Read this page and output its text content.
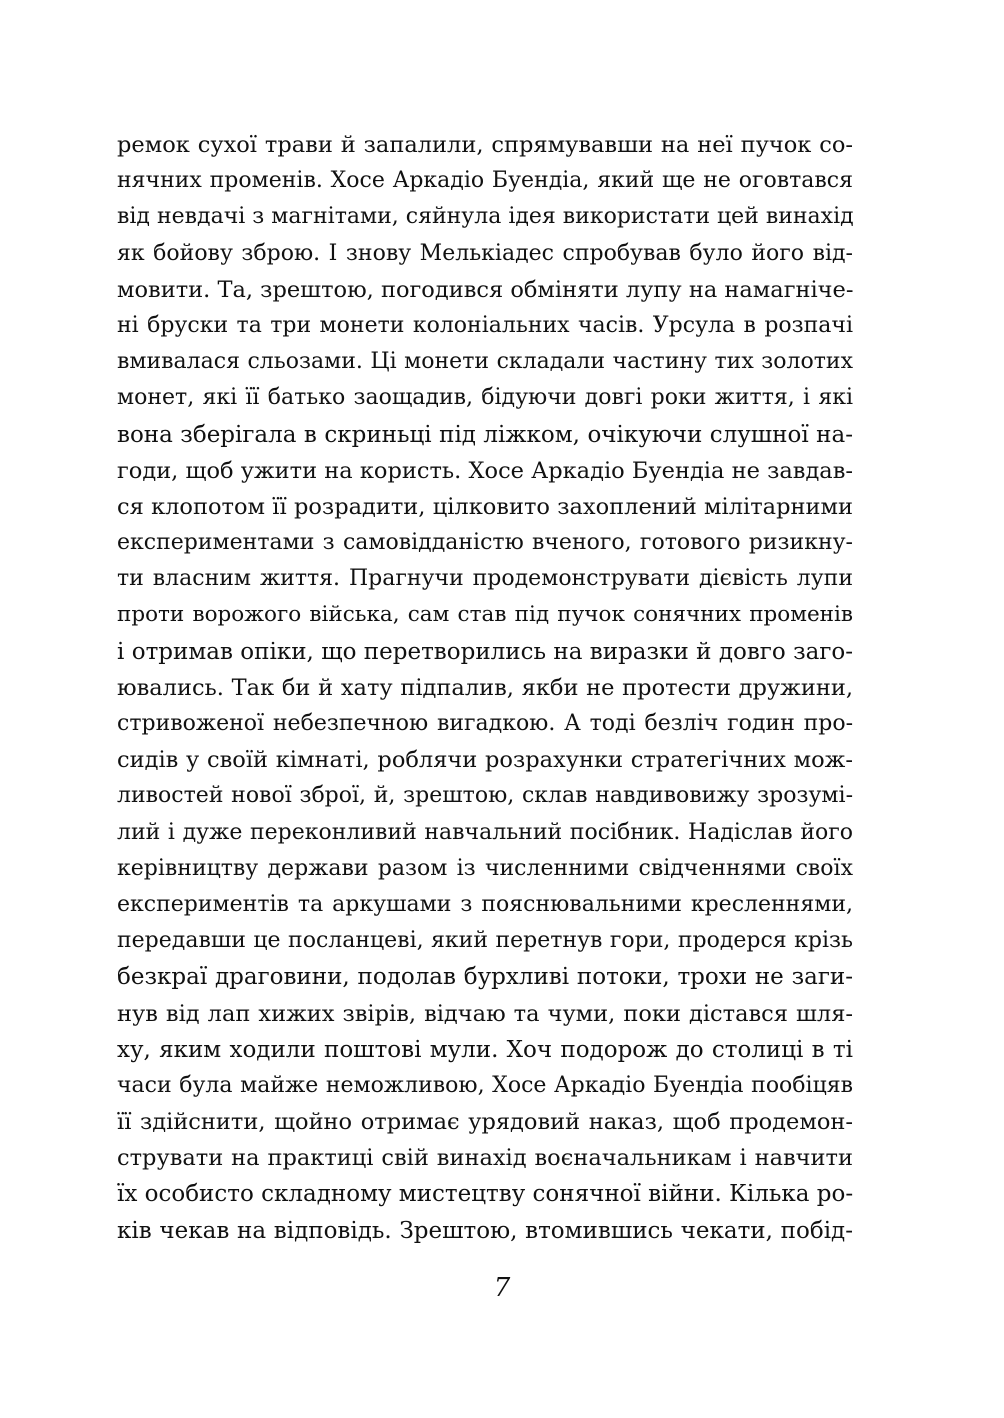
ремок сухої трави й запалили, спрямувавши на неї пучок со-
нячних променів. Хосе Аркадіо Буендіа, який ще не оговтався
від невдачі з магнітами, сяйнула ідея використати цей винахід
як бойову зброю. І знову Мелькіадес спробував було його від-
мовити. Та, зрештою, погодився обміняти лупу на намагніче-
ні бруски та три монети колоніальних часів. Урсула в розпачі
вмивалася сльозами. Ці монети складали частину тих золотих
монет, які її батько заощадив, бідуючи довгі роки життя, і які
вона зберігала в скриньці під ліжком, очікуючи слушної на-
годи, щоб ужити на користь. Хосе Аркадіо Буендіа не завдав-
ся клопотом її розрадити, цілковито захоплений мілітарними
експериментами з самовідданістю вченого, готового ризикну-
ти власним життя. Прагнучи продемонструвати дієвість лупи
проти ворожого війська, сам став під пучок сонячних променів
і отримав опіки, що перетворились на виразки й довго заго-
ювались. Так би й хату підпалив, якби не протести дружини,
стривоженої небезпечною вигадкою. А тоді безліч годин про-
сидів у своїй кімнаті, роблячи розрахунки стратегічних мож-
ливостей нової зброї, й, зрештою, склав навдивовижу зрозумі-
лий і дуже переконливий навчальний посібник. Надіслав його
керівництву держави разом із численними свідченнями своїх
експериментів та аркушами з пояснювальними кресленнями,
передавши це посланцеві, який перетнув гори, продерся крізь
безкраї драговини, подолав бурхливі потоки, трохи не заги-
нув від лап хижих звірів, відчаю та чуми, поки дістався шля-
ху, яким ходили поштові мули. Хоч подорож до столиці в ті
часи була майже неможливою, Хосе Аркадіо Буендіа пообіцяв
її здійснити, щойно отримає урядовий наказ, щоб продемон-
струвати на практиці свій винахід воєначальникам і навчити
їх особисто складному мистецтву сонячної війни. Кілька ро-
ків чекав на відповідь. Зрештою, втомившись чекати, побід-
7
